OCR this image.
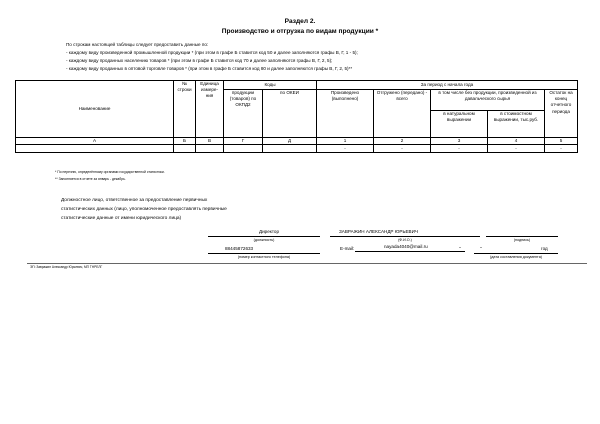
Раздел 2.
Производство и отгрузка по видам продукции *
По строкам настоящей таблицы следует предоставить данные по:
- каждому виду произведенной промышленной продукции * (при этом в графе Б ставится код 50 и далее заполняются графы В, Г, 1 - 5);
- каждому виду проданных населению товаров * (при этом в графе Б ставится код 70 и далее заполняются графы В, Г, 2, 5);
- каждому виду проданных в оптовой торговле товаров * (при этом в графе Б ставится код 80 и далее заполняются графы В, Г, 2, 5)**
Наименование	№ строки	Единица измере- ния	Коды		За период с начала года				
			продукции (товаров) по ОКПД2	по ОКЕИ	Произведено (выполнено)	Отгружено (передано) - всего	в том числе без продукции, произведенной из давальческого сырья		Остаток на конец отчетного периода
							в натуральном выражении	в стоимостном выражении, тыс.руб.	
А	Б	В	Г	Д	1	2	3	4	5
					-	-	-	-	-
* По перечню, определённому органами государственной статистики.
** Заполняется в отчете за январь - декабрь.
Должностное лицо, ответственное за предоставление первичных статистических данных (лицо, уполномоченное предоставлять первичные статистические данные от имени юридического лица)
Директор	ЗАВРАЖИН АЛЕКСАНДР ЮРЬЕВИЧ
(должность)	(Ф.И.О.)	(подпись)
88445872633	E-mail:	nayada4040@mail.ru	"	"	год
(номер контактного телефона)	(дата составления документа)
ЭП: Завражин Александр Юрьевич, МП ТНРЕЛГ
